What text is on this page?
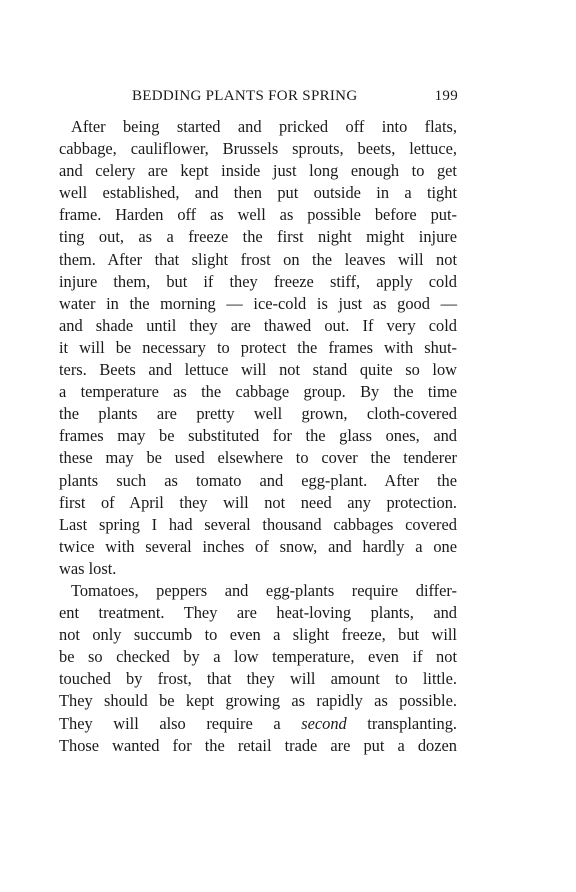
BEDDING PLANTS FOR SPRING	199
After being started and pricked off into flats,
cabbage, cauliflower, Brussels sprouts, beets, lettuce,
and celery are kept inside just long enough to get
well established, and then put outside in a tight
frame. Harden off as well as possible before put-
ting out, as a freeze the first night might injure
them. After that slight frost on the leaves will not
injure them, but if they freeze stiff, apply cold
water in the morning — ice-cold is just as good —
and shade until they are thawed out. If very cold
it will be necessary to protect the frames with shut-
ters. Beets and lettuce will not stand quite so low
a temperature as the cabbage group. By the time
the plants are pretty well grown, cloth-covered
frames may be substituted for the glass ones, and
these may be used elsewhere to cover the tenderer
plants such as tomato and egg-plant. After the
first of April they will not need any protection.
Last spring I had several thousand cabbages covered
twice with several inches of snow, and hardly a one
was lost.
Tomatoes, peppers and egg-plants require differ-
ent treatment. They are heat-loving plants, and
not only succumb to even a slight freeze, but will
be so checked by a low temperature, even if not
touched by frost, that they will amount to little.
They should be kept growing as rapidly as possible.
They will also require a second transplanting.
Those wanted for the retail trade are put a dozen
